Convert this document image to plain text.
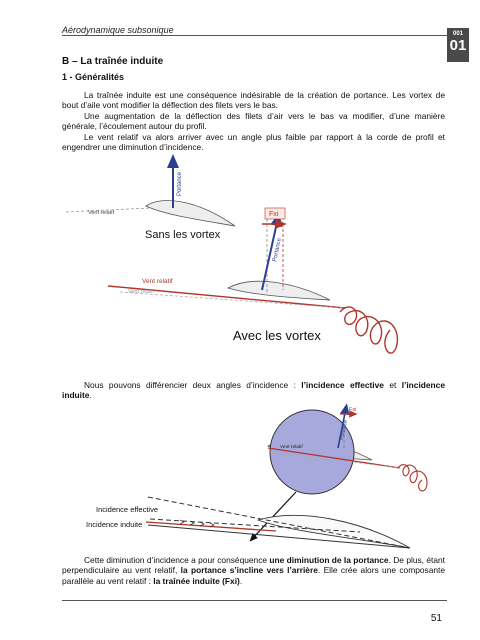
Aérodynamique subsonique	001
01
B – La traînée induite
1 - Généralités
La traînée induite est une conséquence indésirable de la création de portance. Les vortex de bout d’aile vont modifier la déflection des filets vers le bas.
Une augmentation de la déflection des filets d’air vers le bas va modifier, d’une manière générale, l’écoulement autour du profil.
Le vent relatif va alors arriver avec un angle plus faible par rapport à la corde de profil et engendrer une diminution d’incidence.
Portance
Vent relatif
Sans les vortex
Fxi
Portance
Vent relatif
Vent relatif
Avec les vortex
Nous pouvons différencier deux angles d’incidence : l’incidence effective et l’incidence induite.
Fxi
Portance
Vent relatif
Incidence effective
Incidence induite
Cette diminution d’incidence a pour conséquence une diminution de la portance. De plus, étant perpendiculaire au vent relatif, la portance s’incline vers l’arrière. Elle crée alors une composante parallèle au vent relatif : la traînée induite (Fxi).
51
